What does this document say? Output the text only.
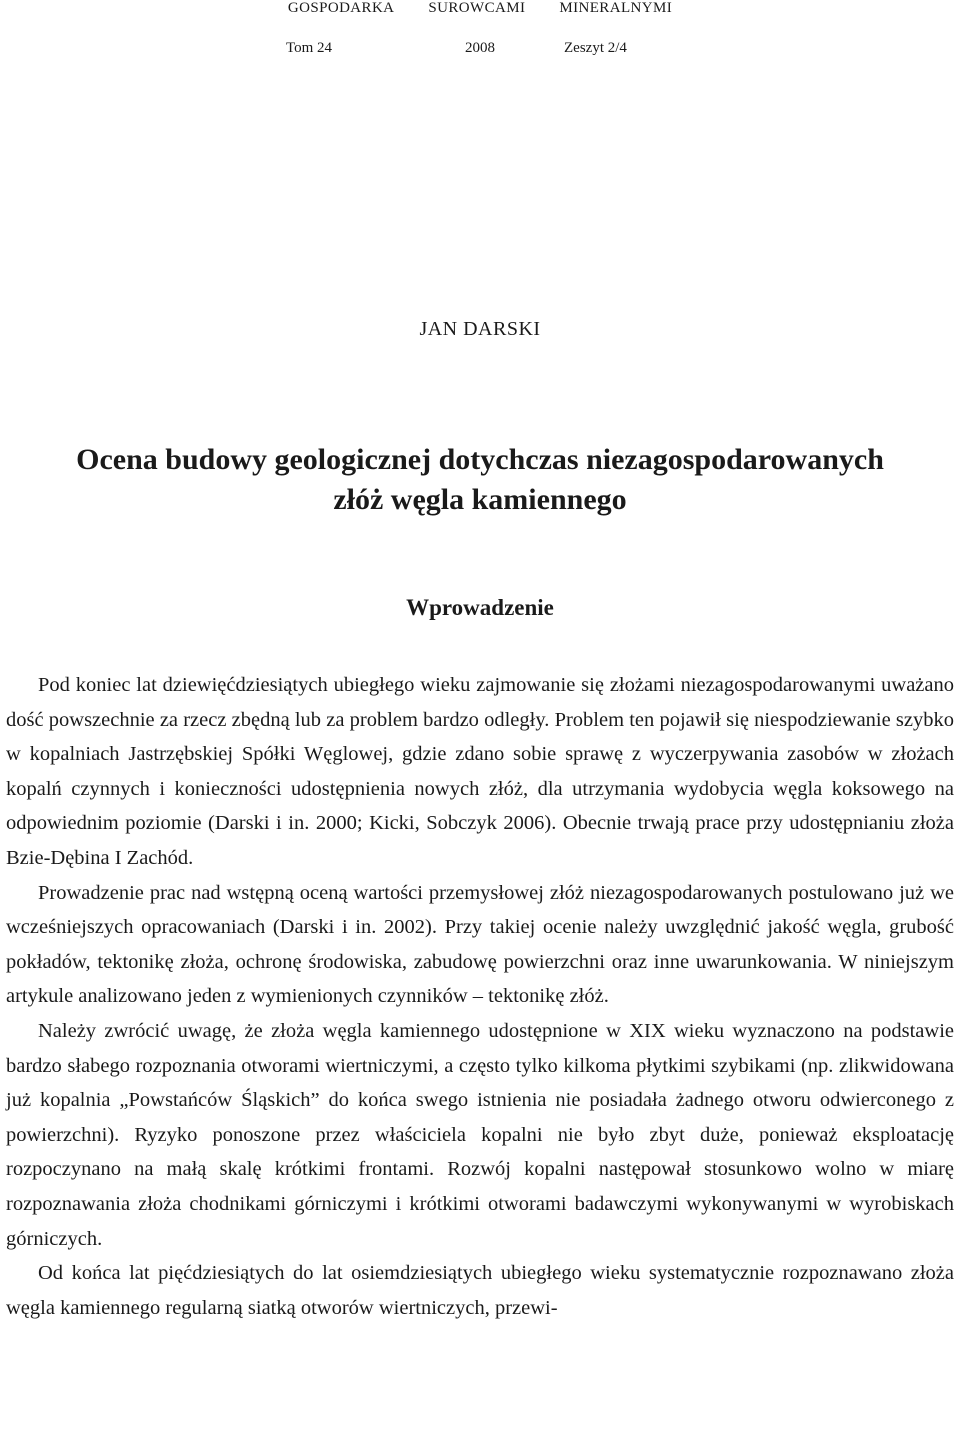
GOSPODARKA SUROWCAMI MINERALNYMI
Tom 24	2008	Zeszyt 2/4
JAN DARSKI
Ocena budowy geologicznej dotychczas niezagospodarowanych
złóż węgla kamiennego
Wprowadzenie

Pod koniec lat dziewięćdziesiątych ubiegłego wieku zajmowanie się złożami niezagospodarowanymi uważano dość powszechnie za rzecz zbędną lub za problem bardzo odległy. Problem ten pojawił się niespodziewanie szybko w kopalniach Jastrzębskiej Spółki Węglowej, gdzie zdano sobie sprawę z wyczerpywania zasobów w złożach kopalń czynnych i konieczności udostępnienia nowych złóż, dla utrzymania wydobycia węgla koksowego na odpowiednim poziomie (Darski i in. 2000; Kicki, Sobczyk 2006). Obecnie trwają prace przy udostępnianiu złoża Bzie-Dębina I Zachód.

Prowadzenie prac nad wstępną oceną wartości przemysłowej złóż niezagospodarowanych postulowano już we wcześniejszych opracowaniach (Darski i in. 2002). Przy takiej ocenie należy uwzględnić jakość węgla, grubość pokładów, tektonikę złoża, ochronę środowiska, zabudowę powierzchni oraz inne uwarunkowania. W niniejszym artykule analizowano jeden z wymienionych czynników – tektonikę złóż.

Należy zwrócić uwagę, że złoża węgla kamiennego udostępnione w XIX wieku wyznaczono na podstawie bardzo słabego rozpoznania otworami wiertniczymi, a często tylko kilkoma płytkimi szybikami (np. zlikwidowana już kopalnia „Powstańców Śląskich” do końca swego istnienia nie posiadała żadnego otworu odwierconego z powierzchni). Ryzyko ponoszone przez właściciela kopalni nie było zbyt duże, ponieważ eksploatację rozpoczynano na małą skalę krótkimi frontami. Rozwój kopalni następował stosunkowo wolno w miarę rozpoznawania złoża chodnikami górniczymi i krótkimi otworami badawczymi wykonywanymi w wyrobiskach górniczych.

Od końca lat pięćdziesiątych do lat osiemdziesiątych ubiegłego wieku systematycznie rozpoznawano złoża węgla kamiennego regularną siatką otworów wiertniczych, przewi-
